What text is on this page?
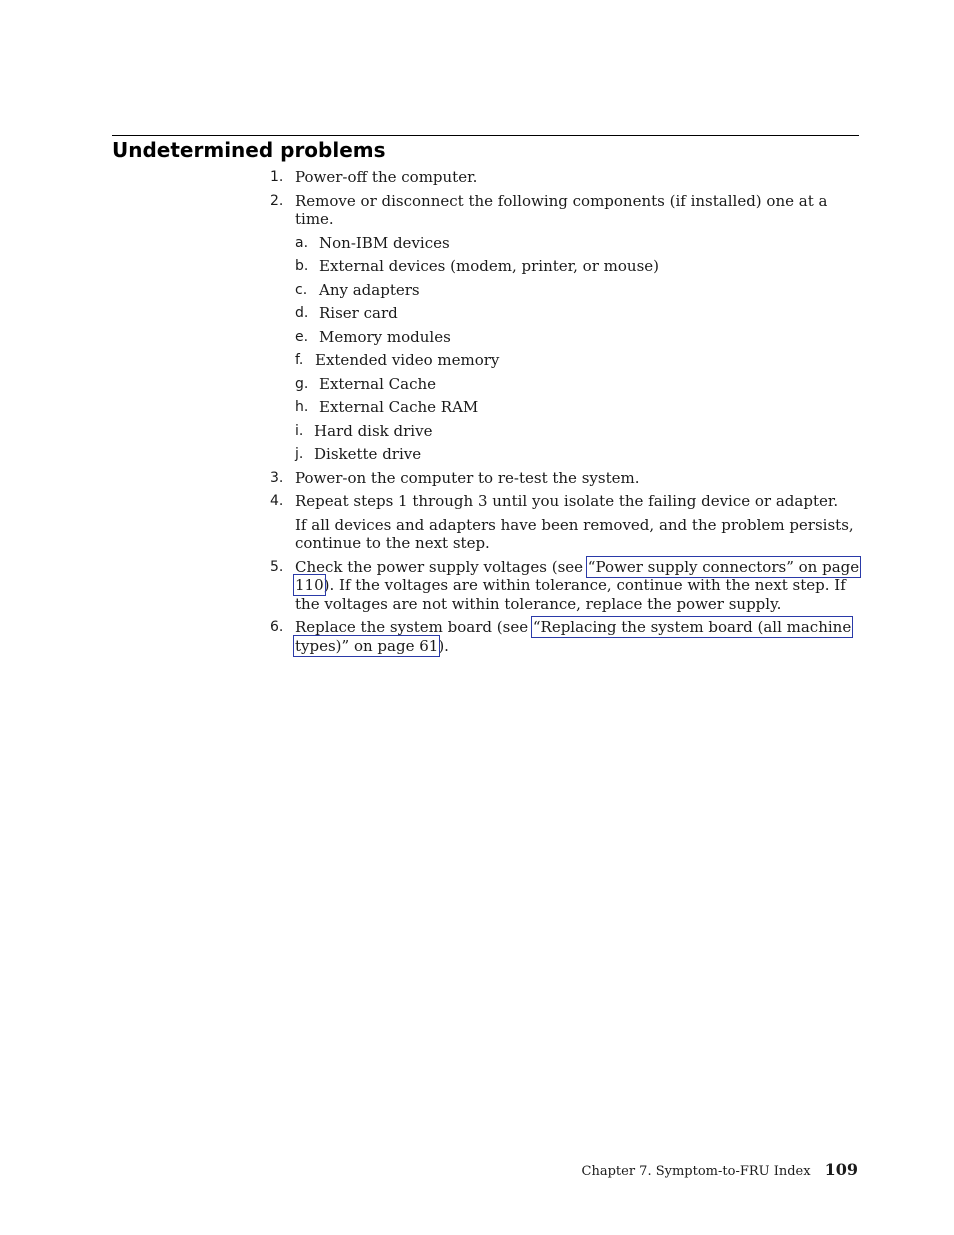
Undetermined problems
1. Power-off the computer.
2. Remove or disconnect the following components (if installed) one at a time.
a. Non-IBM devices
b. External devices (modem, printer, or mouse)
c. Any adapters
d. Riser card
e. Memory modules
f. Extended video memory
g. External Cache
h. External Cache RAM
i. Hard disk drive
j. Diskette drive
3. Power-on the computer to re-test the system.
4. Repeat steps 1 through 3 until you isolate the failing device or adapter.
If all devices and adapters have been removed, and the problem persists, continue to the next step.
5. Check the power supply voltages (see “Power supply connectors” on page 110). If the voltages are within tolerance, continue with the next step. If the voltages are not within tolerance, replace the power supply.
6. Replace the system board (see “Replacing the system board (all machine types)” on page 61).
Chapter 7. Symptom-to-FRU Index 109
